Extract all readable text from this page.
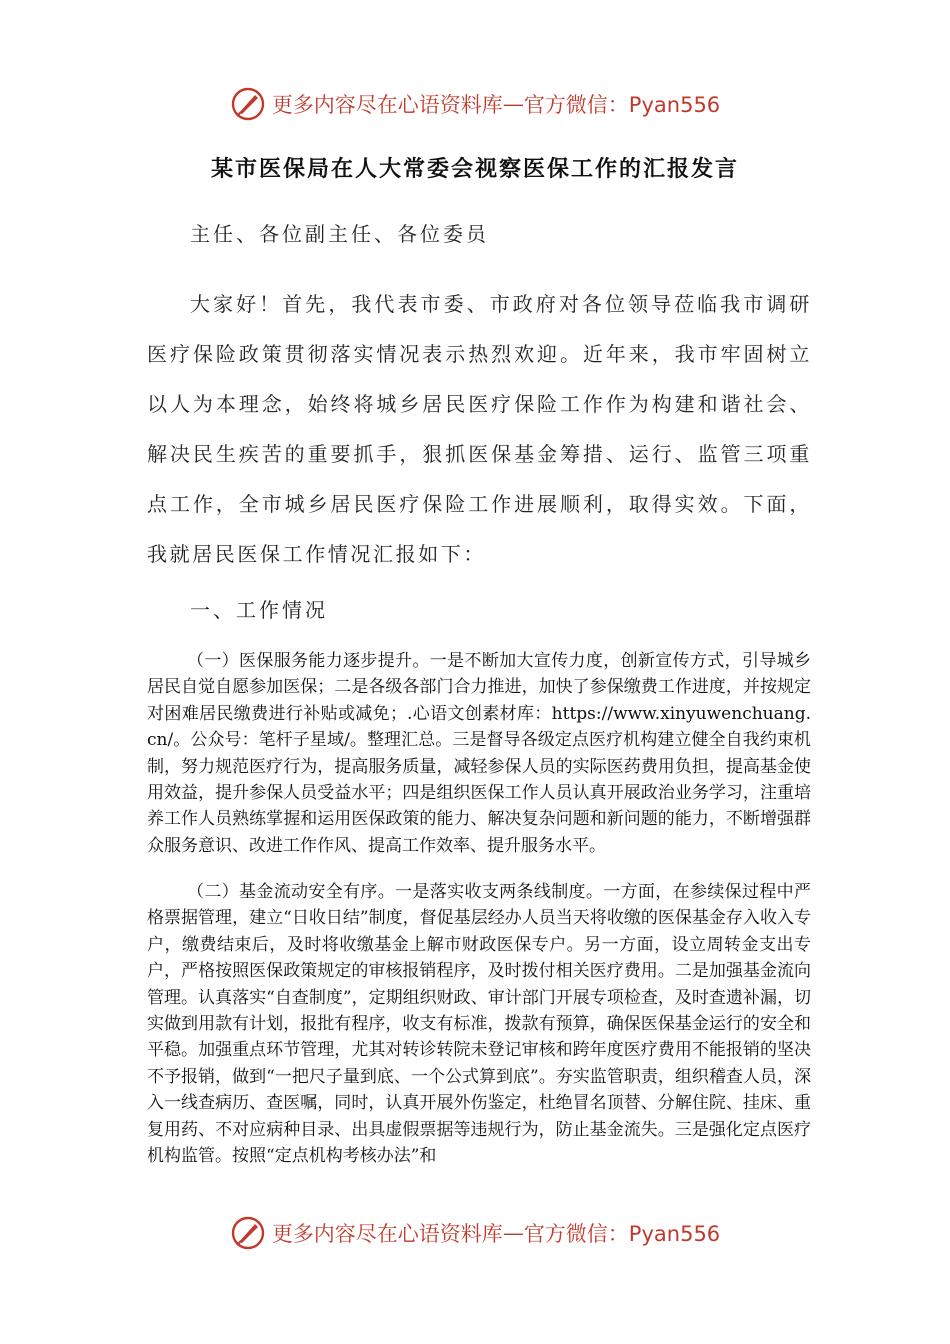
更多内容尽在心语资料库 — 官方微信：Pyan556
某市医保局在人大常委会视察医保工作的汇报发言
主任、各位副主任、各位委员

大家好！首先，我代表市委、市政府对各位领导莅临我市调研医疗保险政策贯彻落实情况表示热烈欢迎。近年来，我市牢固树立以人为本理念，始终将城乡居民医疗保险工作作为构建和谐社会、解决民生疾苦的重要抓手，狠抓医保基金筹措、运行、监管三项重点工作，全市城乡居民医疗保险工作进展顺利，取得实效。下面，我就居民医保工作情况汇报如下：

一、工作情况

（一）医保服务能力逐步提升。一是不断加大宣传力度，创新宣传方式，引导城乡居民自觉自愿参加医保；二是各级各部门合力推进，加快了参保缴费工作进度，并按规定对困难居民缴费进行补贴或减免；.心语文创素材库：https://www.xinyuwenchuang.cn/。公众号：笔杆子星域/。整理汇总。三是督导各级定点医疗机构建立健全自我约束机制，努力规范医疗行为，提高服务质量，减轻参保人员的实际医药费用负担，提高基金使用效益，提升参保人员受益水平；四是组织医保工作人员认真开展政治业务学习，注重培养工作人员熟练掌握和运用医保政策的能力、解决复杂问题和新问题的能力，不断增强群众服务意识、改进工作作风、提高工作效率、提升服务水平。

（二）基金流动安全有序。一是落实收支两条线制度。一方面，在参续保过程中严格票据管理，建立“日收日结”制度，督促基层经办人员当天将收缴的医保基金存入收入专户，缴费结束后，及时将收缴基金上解市财政医保专户。另一方面，设立周转金支出专户，严格按照医保政策规定的审核报销程序，及时拨付相关医疗费用。二是加强基金流向管理。认真落实“自查制度”，定期组织财政、审计部门开展专项检查，及时查遗补漏，切实做到用款有计划，报批有程序，收支有标准，拨款有预算，确保医保基金运行的安全和平稳。加强重点环节管理，尤其对转诊转院未登记审核和跨年度医疗费用不能报销的坚决不予报销，做到“一把尺子量到底、一个公式算到底”。夯实监管职责，组织稽查人员，深入一线查病历、查医嘱，同时，认真开展外伤鉴定，杜绝冒名顶替、分解住院、挂床、重复用药、不对应病种目录、出具虚假票据等违规行为，防止基金流失。三是强化定点医疗机构监管。按照“定点机构考核办法”和

更多内容尽在心语资料库 — 官方微信：Pyan556
